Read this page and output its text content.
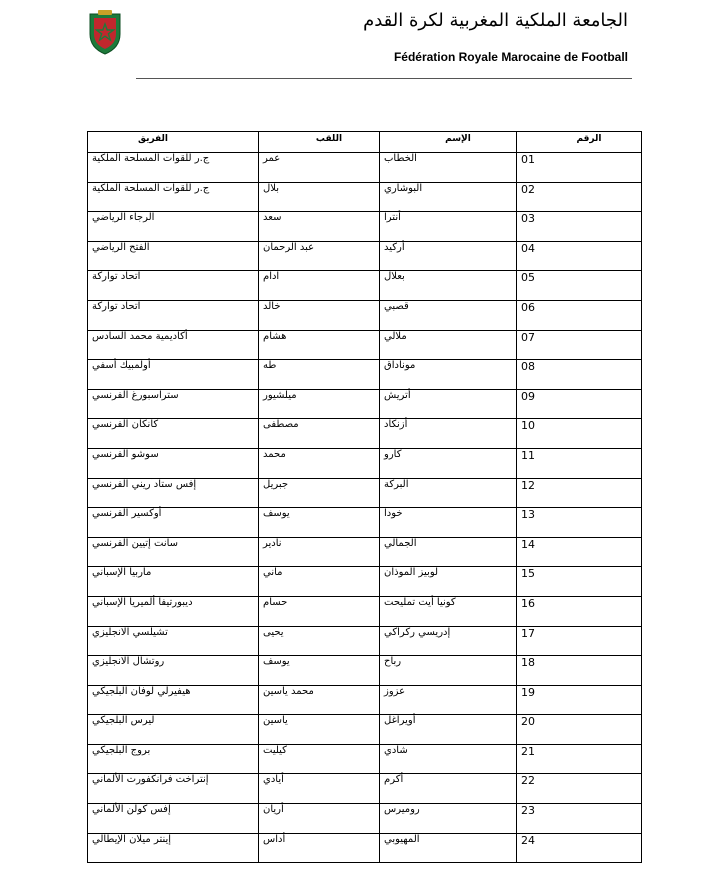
الجامعة الملكية المغربية لكرة القدم
Fédération Royale Marocaine de Football
الفريق	اللقب	الإسم	الرقم
ج.ر للقوات المسلحة الملكية	عمر	الخطاب	01
ج.ر للقوات المسلحة الملكية	بلال	البوشاري	02
الرجاء الرياضي	سعد	أنترا	03
الفتح الرياضي	عبد الرحمان	أركيد	04
اتحاد تواركة	ادام	بعلال	05
اتحاد تواركة	خالد	قصبي	06
أكاديمية محمد السادس	هشام	ملالي	07
أولمبيك أسفي	طه	موناداق	08
ستراسبورغ الفرنسي	ميلشيور	أتريش	09
كانكان الفرنسي	مصطفى	أزنكاد	10
سوشو الفرنسي	محمد	كارو	11
إفس ستاد ريني الفرنسي	جبريل	البركة	12
أوكسير الفرنسي	يوسف	خودا	13
سانت إتيين الفرنسي	نادير	الجمالي	14
ماربيا الإسباني	ماني	لوبيز الموذان	15
ديبورتيفا ألميريا الإسباني	حسام	كونيا أيت تمليحت	16
تشيلسي الانجليزي	يحيى	إدريسي ركراكي	17
روتشال الانجليزي	يوسف	رباح	18
هيفيرلي لوفان البلجيكي	محمد ياسين	عزوز	19
ليرس البلجيكي	ياسين	أويراغل	20
بروج البلجيكي	كيليت	شادي	21
إنتراخت فرانكفورت الألماني	أيادي	أكرم	22
إفس كولن الألماني	أريان	روميرس	23
إينتر ميلان الإيطالي	أداس	المهيوبي	24
